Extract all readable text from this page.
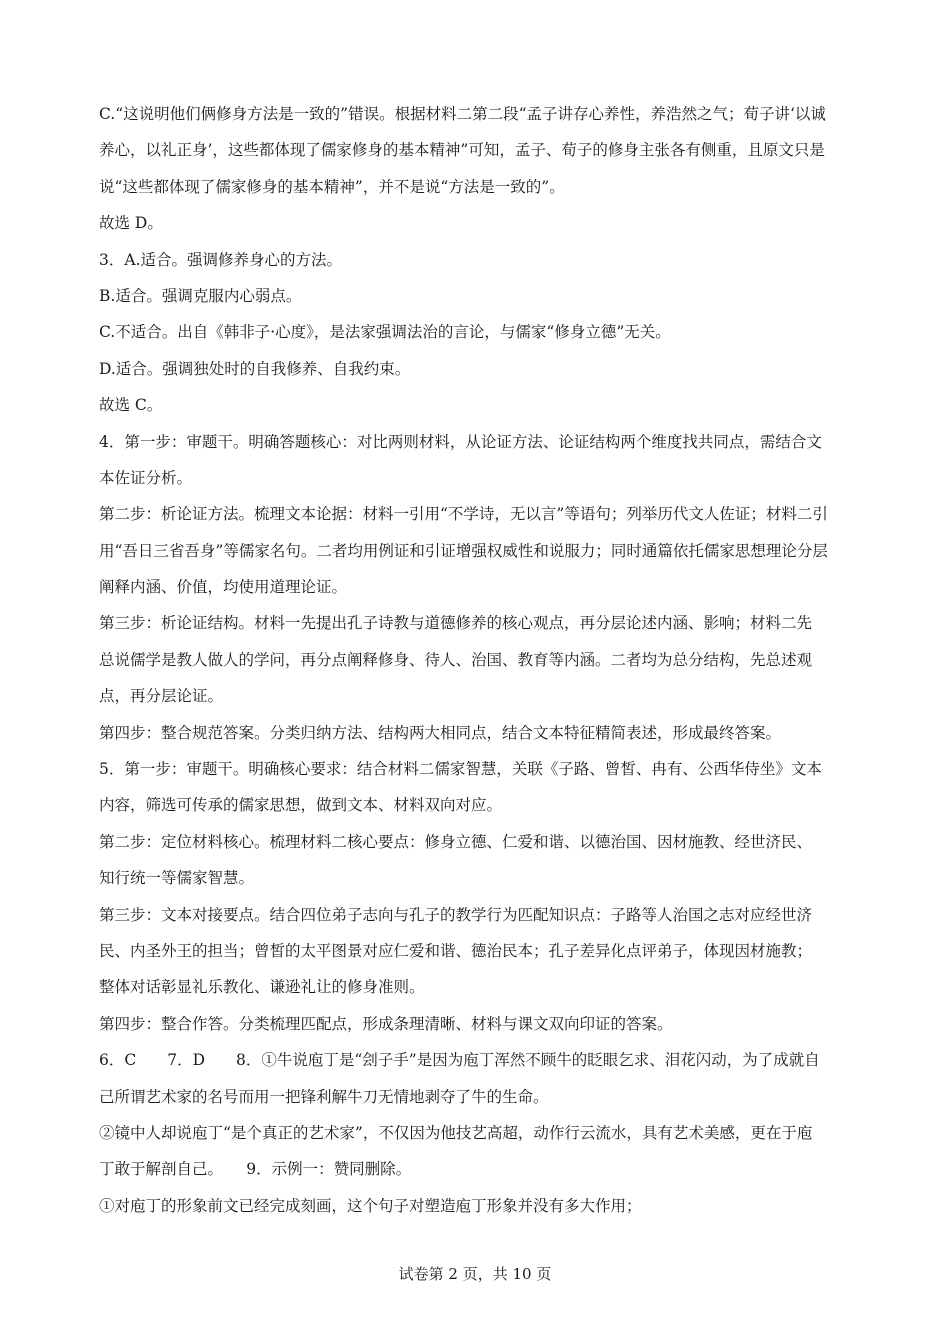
C.“这说明他们俩修身方法是一致的”错误。根据材料二第二段“孟子讲存心养性，养浩然之气；荀子讲‘以诚
养心，以礼正身’，这些都体现了儒家修身的基本精神”可知，孟子、荀子的修身主张各有侧重，且原文只是
说“这些都体现了儒家修身的基本精神”，并不是说“方法是一致的”。
故选 D。
3．A.适合。强调修养身心的方法。
B.适合。强调克服内心弱点。
C.不适合。出自《韩非子·心度》，是法家强调法治的言论，与儒家“修身立德”无关。
D.适合。强调独处时的自我修养、自我约束。
故选 C。
4．第一步：审题干。明确答题核心：对比两则材料，从论证方法、论证结构两个维度找共同点，需结合文
本佐证分析。
第二步：析论证方法。梳理文本论据：材料一引用“不学诗，无以言”等语句；列举历代文人佐证；材料二引
用“吾日三省吾身”等儒家名句。二者均用例证和引证增强权威性和说服力；同时通篇依托儒家思想理论分层
阐释内涵、价值，均使用道理论证。
第三步：析论证结构。材料一先提出孔子诗教与道德修养的核心观点，再分层论述内涵、影响；材料二先
总说儒学是教人做人的学问，再分点阐释修身、待人、治国、教育等内涵。二者均为总分结构，先总述观
点，再分层论证。
第四步：整合规范答案。分类归纳方法、结构两大相同点，结合文本特征精简表述，形成最终答案。
5．第一步：审题干。明确核心要求：结合材料二儒家智慧，关联《子路、曾皙、冉有、公西华侍坐》文本
内容，筛选可传承的儒家思想，做到文本、材料双向对应。
第二步：定位材料核心。梳理材料二核心要点：修身立德、仁爱和谐、以德治国、因材施教、经世济民、
知行统一等儒家智慧。
第三步：文本对接要点。结合四位弟子志向与孔子的教学行为匹配知识点：子路等人治国之志对应经世济
民、内圣外王的担当；曾皙的太平图景对应仁爱和谐、德治民本；孔子差异化点评弟子，体现因材施教；
整体对话彰显礼乐教化、谦逊礼让的修身准则。
第四步：整合作答。分类梳理匹配点，形成条理清晰、材料与课文双向印证的答案。
6．C　　7．D　　8．①牛说庖丁是“刽子手”是因为庖丁浑然不顾牛的眨眼乞求、泪花闪动，为了成就自
己所谓艺术家的名号而用一把锋利解牛刀无情地剥夺了牛的生命。
②镜中人却说庖丁“是个真正的艺术家”，不仅因为他技艺高超，动作行云流水，具有艺术美感，更在于庖
丁敢于解剖自己。　　9．示例一：赞同删除。
①对庖丁的形象前文已经完成刻画，这个句子对塑造庖丁形象并没有多大作用；
试卷第 2 页，共 10 页
